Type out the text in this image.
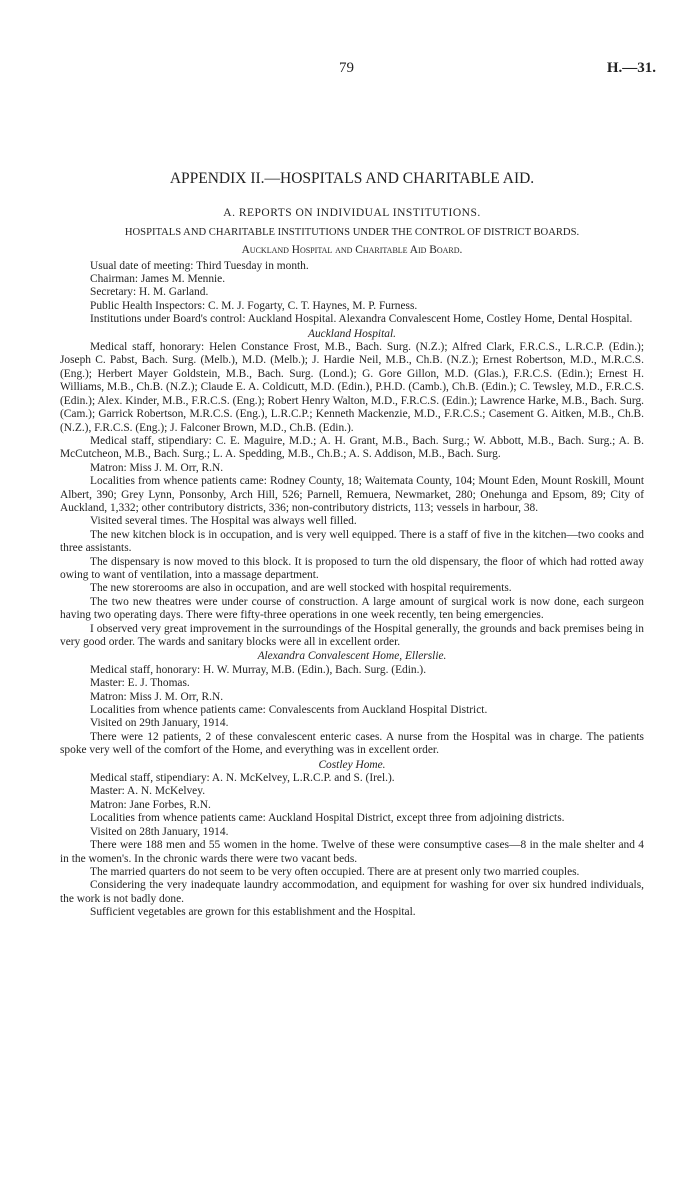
79	H.—31.
APPENDIX II.—HOSPITALS AND CHARITABLE AID.
A. REPORTS ON INDIVIDUAL INSTITUTIONS.
HOSPITALS AND CHARITABLE INSTITUTIONS UNDER THE CONTROL OF DISTRICT BOARDS.
Auckland Hospital and Charitable Aid Board.

Usual date of meeting: Third Tuesday in month.

Chairman: James M. Mennie.

Secretary: H. M. Garland.

Public Health Inspectors: C. M. J. Fogarty, C. T. Haynes, M. P. Furness.

Institutions under Board's control: Auckland Hospital. Alexandra Convalescent Home, Costley Home, Dental Hospital.

Auckland Hospital.

Medical staff, honorary: Helen Constance Frost, M.B., Bach. Surg. (N.Z.); Alfred Clark, F.R.C.S., L.R.C.P. (Edin.); Joseph C. Pabst, Bach. Surg. (Melb.), M.D. (Melb.); J. Hardie Neil, M.B., Ch.B. (N.Z.); Ernest Robertson, M.D., M.R.C.S. (Eng.); Herbert Mayer Goldstein, M.B., Bach. Surg. (Lond.); G. Gore Gillon, M.D. (Glas.), F.R.C.S. (Edin.); Ernest H. Williams, M.B., Ch.B. (N.Z.); Claude E. A. Coldicutt, M.D. (Edin.), P.H.D. (Camb.), Ch.B. (Edin.); C. Tewsley, M.D., F.R.C.S. (Edin.); Alex. Kinder, M.B., F.R.C.S. (Eng.); Robert Henry Walton, M.D., F.R.C.S. (Edin.); Lawrence Harke, M.B., Bach. Surg. (Cam.); Garrick Robertson, M.R.C.S. (Eng.), L.R.C.P.; Kenneth Mackenzie, M.D., F.R.C.S.; Casement G. Aitken, M.B., Ch.B. (N.Z.), F.R.C.S. (Eng.); J. Falconer Brown, M.D., Ch.B. (Edin.).

Medical staff, stipendiary: C. E. Maguire, M.D.; A. H. Grant, M.B., Bach. Surg.; W. Abbott, M.B., Bach. Surg.; A. B. McCutcheon, M.B., Bach. Surg.; L. A. Spedding, M.B., Ch.B.; A. S. Addison, M.B., Bach. Surg.

Matron: Miss J. M. Orr, R.N.

Localities from whence patients came: Rodney County, 18; Waitemata County, 104; Mount Eden, Mount Roskill, Mount Albert, 390; Grey Lynn, Ponsonby, Arch Hill, 526; Parnell, Remuera, Newmarket, 280; Onehunga and Epsom, 89; City of Auckland, 1,332; other contributory districts, 336; non-contributory districts, 113; vessels in harbour, 38.

Visited several times. The Hospital was always well filled.

The new kitchen block is in occupation, and is very well equipped. There is a staff of five in the kitchen—two cooks and three assistants.

The dispensary is now moved to this block. It is proposed to turn the old dispensary, the floor of which had rotted away owing to want of ventilation, into a massage department.

The new storerooms are also in occupation, and are well stocked with hospital requirements.

The two new theatres were under course of construction. A large amount of surgical work is now done, each surgeon having two operating days. There were fifty-three operations in one week recently, ten being emergencies.

I observed very great improvement in the surroundings of the Hospital generally, the grounds and back premises being in very good order. The wards and sanitary blocks were all in excellent order.

Alexandra Convalescent Home, Ellerslie.

Medical staff, honorary: H. W. Murray, M.B. (Edin.), Bach. Surg. (Edin.).

Master: E. J. Thomas.

Matron: Miss J. M. Orr, R.N.

Localities from whence patients came: Convalescents from Auckland Hospital District.

Visited on 29th January, 1914.

There were 12 patients, 2 of these convalescent enteric cases. A nurse from the Hospital was in charge. The patients spoke very well of the comfort of the Home, and everything was in excellent order.

Costley Home.

Medical staff, stipendiary: A. N. McKelvey, L.R.C.P. and S. (Irel.).

Master: A. N. McKelvey.

Matron: Jane Forbes, R.N.

Localities from whence patients came: Auckland Hospital District, except three from adjoining districts.

Visited on 28th January, 1914.

There were 188 men and 55 women in the home. Twelve of these were consumptive cases—8 in the male shelter and 4 in the women's. In the chronic wards there were two vacant beds.

The married quarters do not seem to be very often occupied. There are at present only two married couples.

Considering the very inadequate laundry accommodation, and equipment for washing for over six hundred individuals, the work is not badly done.

Sufficient vegetables are grown for this establishment and the Hospital.
